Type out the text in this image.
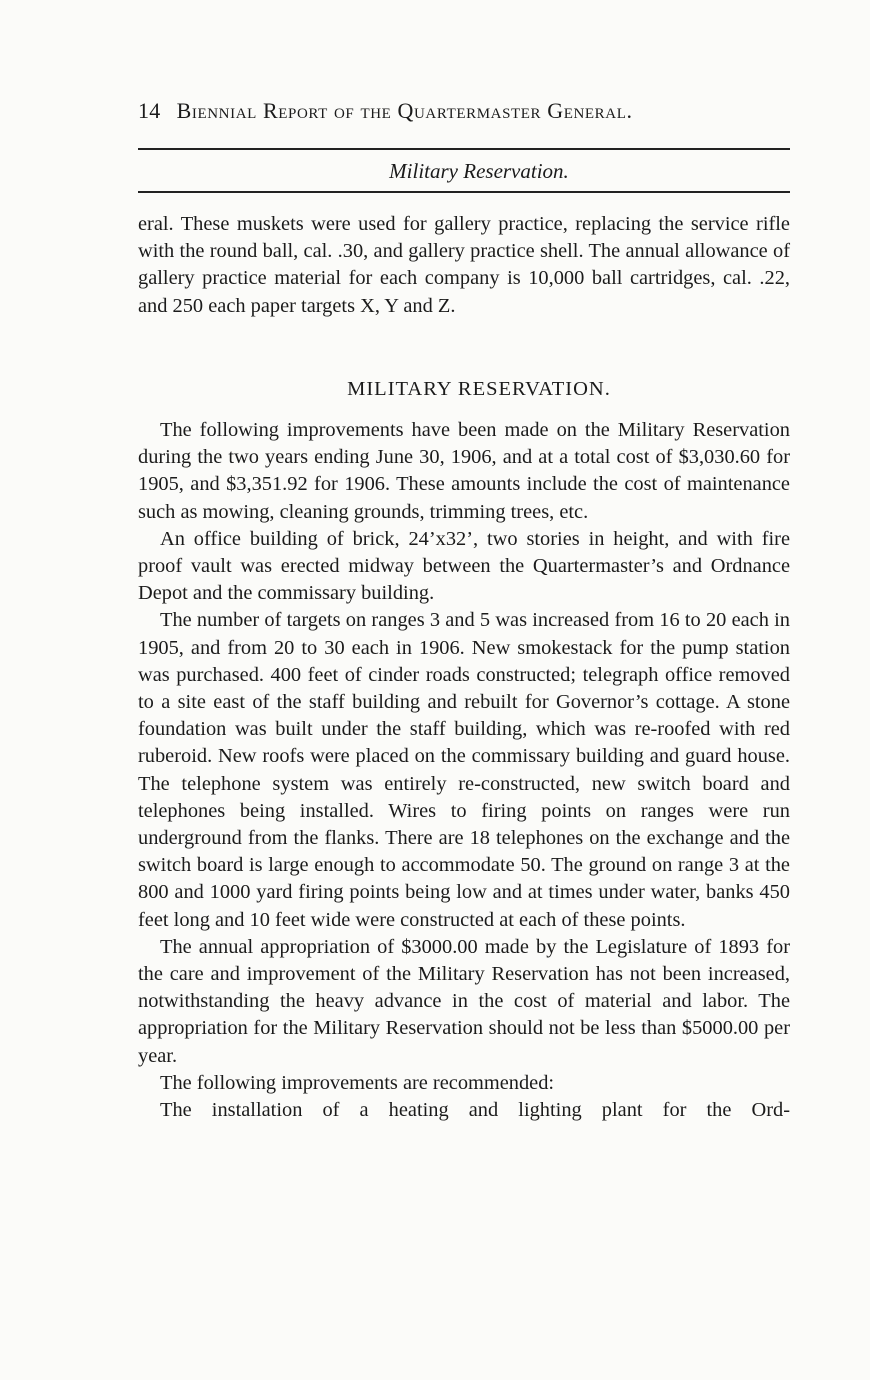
14 Biennial Report of the Quartermaster General.
Military Reservation.

eral. These muskets were used for gallery practice, replacing the service rifle with the round ball, cal. .30, and gallery practice shell. The annual allowance of gallery practice material for each company is 10,000 ball cartridges, cal. .22, and 250 each paper targets X, Y and Z.

MILITARY RESERVATION.

The following improvements have been made on the Military Reservation during the two years ending June 30, 1906, and at a total cost of $3,030.60 for 1905, and $3,351.92 for 1906. These amounts include the cost of maintenance such as mowing, cleaning grounds, trimming trees, etc.

An office building of brick, 24’x32’, two stories in height, and with fire proof vault was erected midway between the Quartermaster’s and Ordnance Depot and the commissary building.

The number of targets on ranges 3 and 5 was increased from 16 to 20 each in 1905, and from 20 to 30 each in 1906. New smokestack for the pump station was purchased. 400 feet of cinder roads constructed; telegraph office removed to a site east of the staff building and rebuilt for Governor’s cottage. A stone foundation was built under the staff building, which was re-roofed with red ruberoid. New roofs were placed on the commissary building and guard house. The telephone system was entirely re-constructed, new switch board and telephones being installed. Wires to firing points on ranges were run underground from the flanks. There are 18 telephones on the exchange and the switch board is large enough to accommodate 50. The ground on range 3 at the 800 and 1000 yard firing points being low and at times under water, banks 450 feet long and 10 feet wide were constructed at each of these points.

The annual appropriation of $3000.00 made by the Legislature of 1893 for the care and improvement of the Military Reservation has not been increased, notwithstanding the heavy advance in the cost of material and labor. The appropriation for the Military Reservation should not be less than $5000.00 per year.

The following improvements are recommended:

The installation of a heating and lighting plant for the Ord-
